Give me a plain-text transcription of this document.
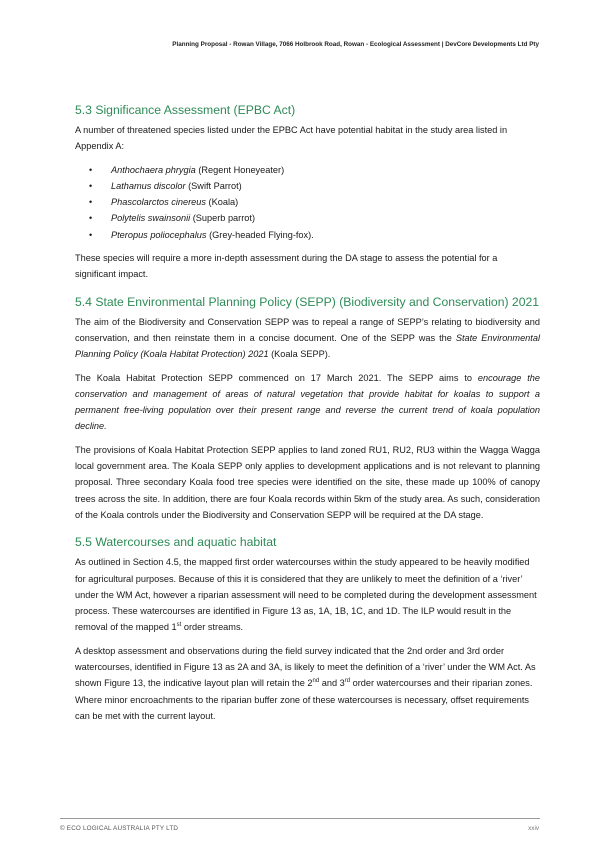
Planning Proposal - Rowan Village, 7066 Holbrook Road, Rowan - Ecological Assessment | DevCore Developments Ltd Pty
5.3 Significance Assessment (EPBC Act)

A number of threatened species listed under the EPBC Act have potential habitat in the study area listed in Appendix A:

• Anthochaera phrygia (Regent Honeyeater)
• Lathamus discolor (Swift Parrot)
• Phascolarctos cinereus (Koala)
• Polytelis swainsonii (Superb parrot)
• Pteropus poliocephalus (Grey-headed Flying-fox).

These species will require a more in-depth assessment during the DA stage to assess the potential for a significant impact.

5.4 State Environmental Planning Policy (SEPP) (Biodiversity and Conservation) 2021

The aim of the Biodiversity and Conservation SEPP was to repeal a range of SEPP’s relating to biodiversity and conservation, and then reinstate them in a concise document. One of the SEPP was the State Environmental Planning Policy (Koala Habitat Protection) 2021 (Koala SEPP).

The Koala Habitat Protection SEPP commenced on 17 March 2021. The SEPP aims to encourage the conservation and management of areas of natural vegetation that provide habitat for koalas to support a permanent free-living population over their present range and reverse the current trend of koala population decline.

The provisions of Koala Habitat Protection SEPP applies to land zoned RU1, RU2, RU3 within the Wagga Wagga local government area. The Koala SEPP only applies to development applications and is not relevant to planning proposal. Three secondary Koala food tree species were identified on the site, these made up 100% of canopy trees across the site. In addition, there are four Koala records within 5km of the study area. As such, consideration of the Koala controls under the Biodiversity and Conservation SEPP will be required at the DA stage.

5.5 Watercourses and aquatic habitat

As outlined in Section 4.5, the mapped first order watercourses within the study appeared to be heavily modified for agricultural purposes. Because of this it is considered that they are unlikely to meet the definition of a ‘river’ under the WM Act, however a riparian assessment will need to be completed during the development assessment process. These watercourses are identified in Figure 13 as, 1A, 1B, 1C, and 1D. The ILP would result in the removal of the mapped 1st order streams.

A desktop assessment and observations during the field survey indicated that the 2nd order and 3rd order watercourses, identified in Figure 13 as 2A and 3A, is likely to meet the definition of a ‘river’ under the WM Act. As shown Figure 13, the indicative layout plan will retain the 2nd and 3rd order watercourses and their riparian zones. Where minor encroachments to the riparian buffer zone of these watercourses is necessary, offset requirements can be met with the current layout.

© ECO LOGICAL AUSTRALIA PTY LTD	xxiv
